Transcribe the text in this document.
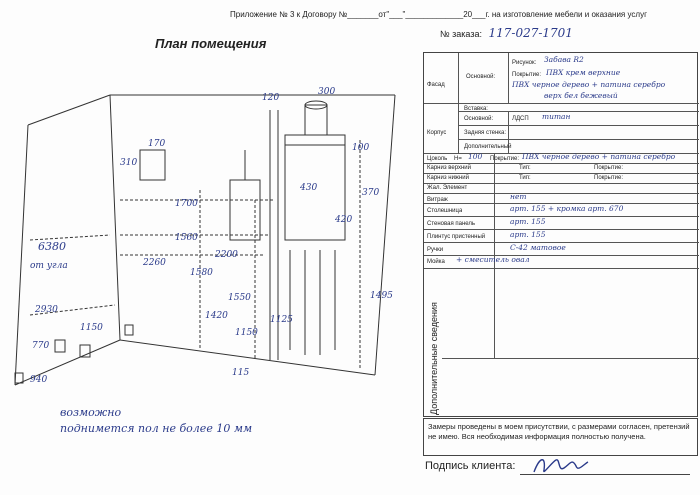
Приложение № 3 к Договору №_______от"___"_____________20___г. на изготовление мебели и оказания услуг
№ заказа: 117-027-1701
План помещения
310
170
120
300
100
370
430
420
1700
1560
2200
2260
1580
1550
1420	1125
1150
1495
2930
1150
115
6380
от угла
770
940
возможно
поднимется пол не более 10 мм
Фасад
Основной:
Рисунок: Забава R2
Покрытие: ПВХ крем верхние
ПВХ черное дерево + патина серебро
верх бел бежевый
Вставка:
Корпус
Основной:	ЛДСП титан
Задняя стенка:
Дополнительный
Цоколь Н= 100 Покрытие: ПВХ черное дерево + патина серебро
Карниз верхний	Тип:	Покрытие:
Карниз нижний	Тип:	Покрытие:
Жал. Элемент
Витраж	нет
Столешница	арт. 155 + кромка арт. 670
Стеновая панель	арт. 155
Плинтус пристенный	арт. 155
Ручки	С-42 матовое
Мойка + смеситель овал
Дополнительные сведения
Замеры проведены в моем присутствии, с размерами согласен, претензий не имею. Вся необходимая информация полностью получена.
Подпись клиента:
